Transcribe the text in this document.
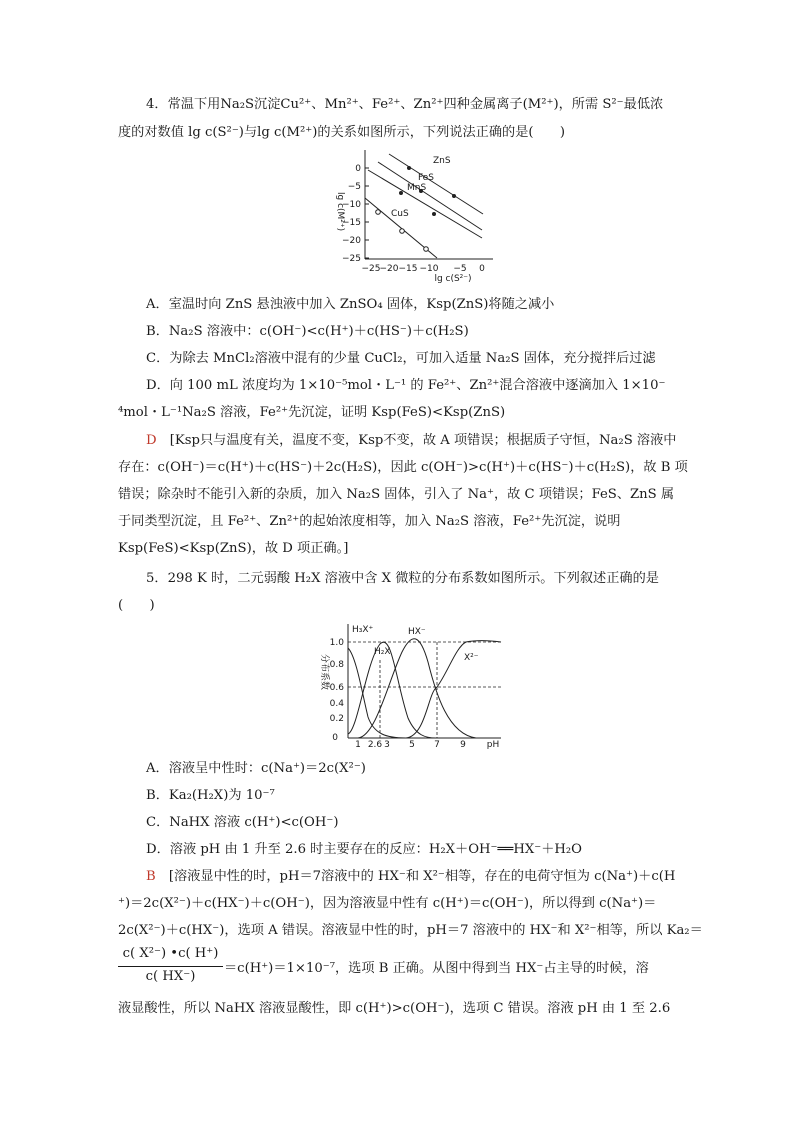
4．常温下用Na₂S沉淀Cu²⁺、Mn²⁺、Fe²⁺、Zn²⁺四种金属离子(M²⁺)，所需 S²⁻最低浓
度的对数值 lg c(S²⁻)与lg c(M²⁺)的关系如图所示，下列说法正确的是(　　)
0
−5
−10
−15
−20
−25
−25 −20 −15 −10 −5 0
lg c(S²⁻)
lg c(M²⁺)
ZnS
FeS
MnS
CuS
A．室温时向 ZnS 悬浊液中加入 ZnSO₄ 固体，Ksp(ZnS)将随之减小
B．Na₂S 溶液中：c(OH⁻)<c(H⁺)＋c(HS⁻)＋c(H₂S)
C．为除去 MnCl₂溶液中混有的少量 CuCl₂，可加入适量 Na₂S 固体，充分搅拌后过滤
D．向 100 mL 浓度均为 1×10⁻⁵mol・L⁻¹ 的 Fe²⁺、Zn²⁺混合溶液中逐滴加入 1×10⁻
⁴mol・L⁻¹Na₂S 溶液，Fe²⁺先沉淀，证明 Ksp(FeS)<Ksp(ZnS)
D　[Ksp只与温度有关，温度不变，Ksp不变，故 A 项错误；根据质子守恒，Na₂S 溶液中
存在：c(OH⁻)＝c(H⁺)＋c(HS⁻)＋2c(H₂S)，因此 c(OH⁻)>c(H⁺)＋c(HS⁻)＋c(H₂S)，故 B 项
错误；除杂时不能引入新的杂质，加入 Na₂S 固体，引入了 Na⁺，故 C 项错误；FeS、ZnS 属
于同类型沉淀，且 Fe²⁺、Zn²⁺的起始浓度相等，加入 Na₂S 溶液，Fe²⁺先沉淀，说明
Ksp(FeS)<Ksp(ZnS)，故 D 项正确。]
5．298 K 时，二元弱酸 H₂X 溶液中含 X 微粒的分布系数如图所示。下列叙述正确的是
(　　)
1.0
0.8
0.6
0.4
0.2
0
1 2.6 3 5 7 9 pH
分布系数
H₃X⁺
H₂X
HX⁻
X²⁻
A．溶液呈中性时：c(Na⁺)＝2c(X²⁻)
B．Ka₂(H₂X)为 10⁻⁷
C．NaHX 溶液 c(H⁺)<c(OH⁻)
D．溶液 pH 由 1 升至 2.6 时主要存在的反应：H₂X＋OH⁻══HX⁻＋H₂O
B　[溶液显中性的时，pH＝7溶液中的 HX⁻和 X²⁻相等，存在的电荷守恒为 c(Na⁺)＋c(H
⁺)＝2c(X²⁻)＋c(HX⁻)＋c(OH⁻)，因为溶液显中性有 c(H⁺)＝c(OH⁻)，所以得到 c(Na⁺)＝
2c(X²⁻)＋c(HX⁻)，选项 A 错误。溶液显中性的时，pH＝7 溶液中的 HX⁻和 X²⁻相等，所以 Ka₂＝
c( X²⁻) •c( H⁺)
c( HX⁻)
＝c(H⁺)＝1×10⁻⁷，选项 B 正确。从图中得到当 HX⁻占主导的时候，溶
液显酸性，所以 NaHX 溶液显酸性，即 c(H⁺)>c(OH⁻)，选项 C 错误。溶液 pH 由 1 至 2.6
